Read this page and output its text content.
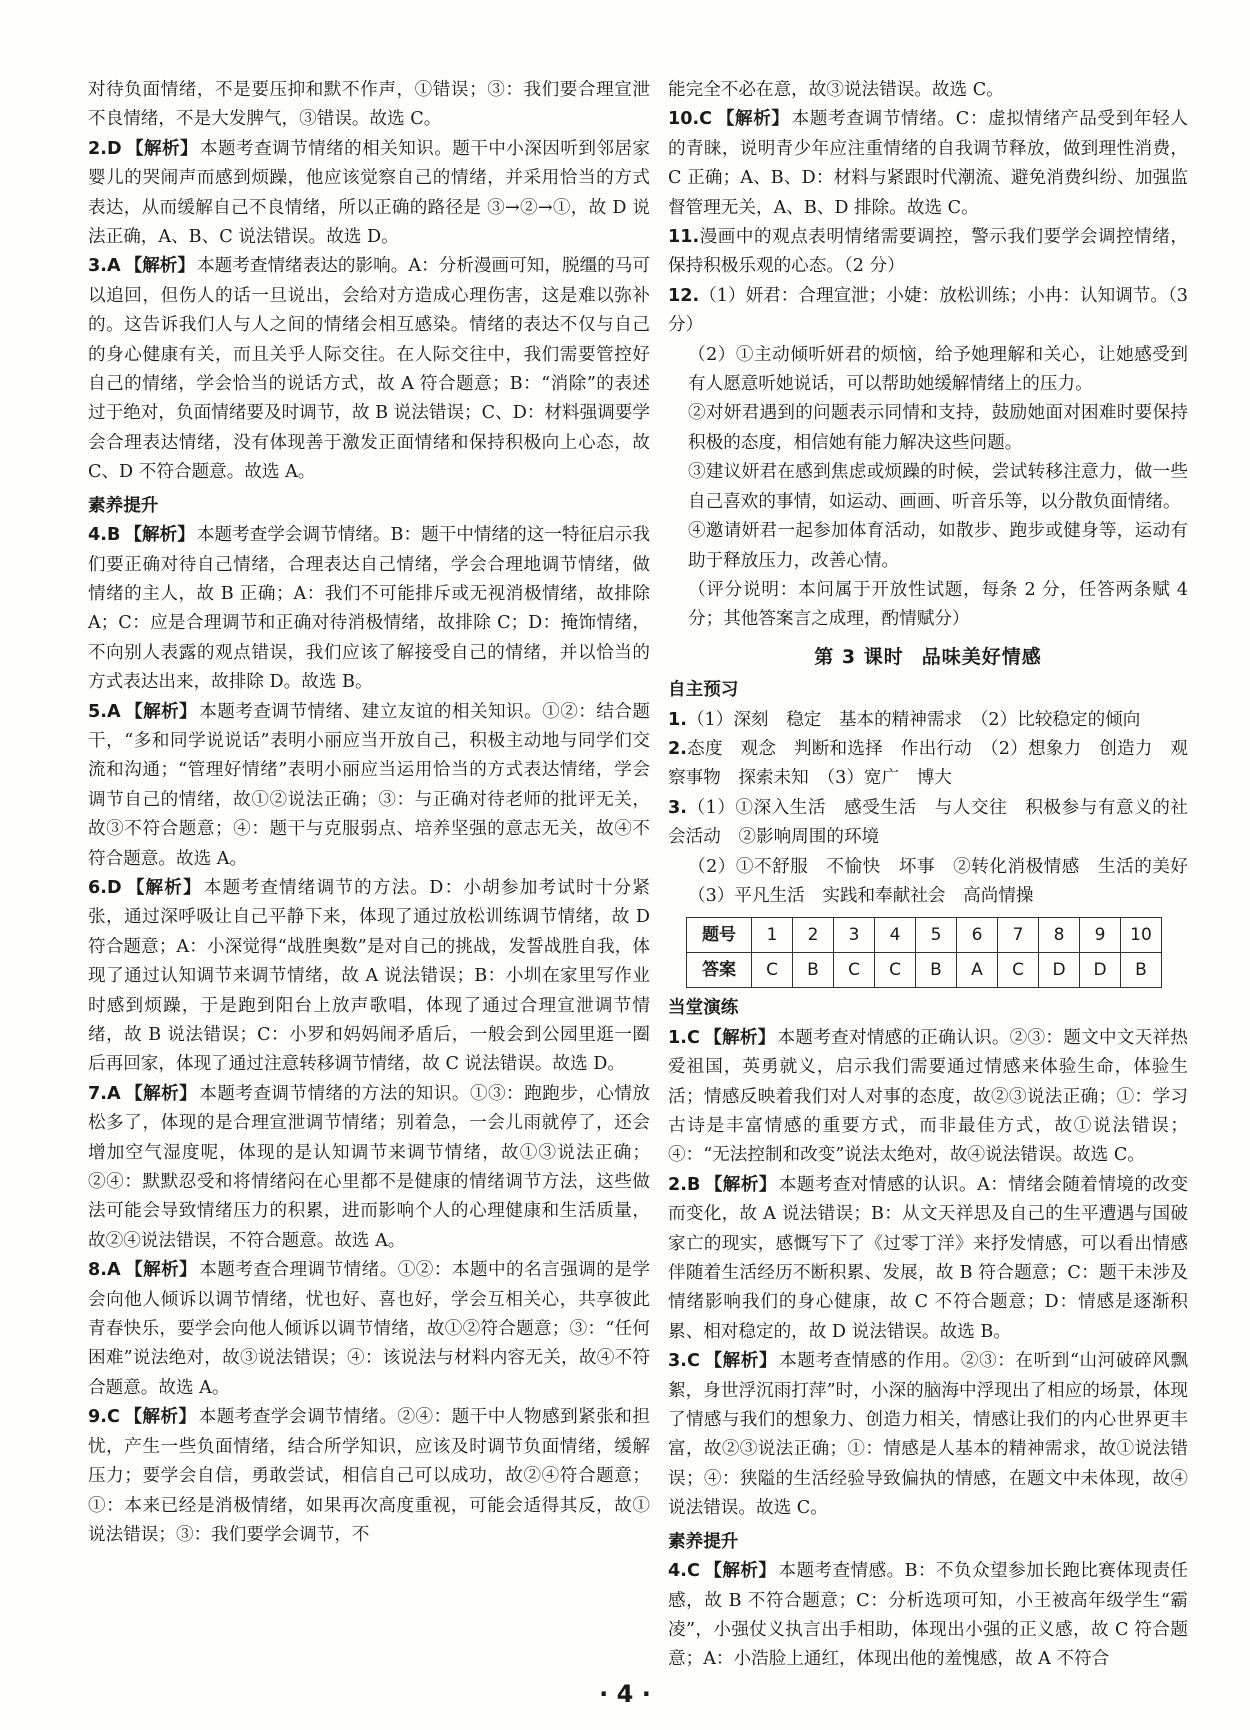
对待负面情绪，不是要压抑和默不作声，①错误；③：我们要合理宣泄不良情绪，不是大发脾气，③错误。故选 C。

2.D 【解析】 本题考查调节情绪的相关知识。题干中小深因听到邻居家婴儿的哭闹声而感到烦躁，他应该觉察自己的情绪，并采用恰当的方式表达，从而缓解自己不良情绪，所以正确的路径是 ③→②→①，故 D 说法正确，A、B、C 说法错误。故选 D。

3.A 【解析】 本题考查情绪表达的影响。A：分析漫画可知，脱缰的马可以追回，但伤人的话一旦说出，会给对方造成心理伤害，这是难以弥补的。这告诉我们人与人之间的情绪会相互感染。情绪的表达不仅与自己的身心健康有关，而且关乎人际交往。在人际交往中，我们需要管控好自己的情绪，学会恰当的说话方式，故 A 符合题意；B：“消除”的表述过于绝对，负面情绪要及时调节，故 B 说法错误；C、D：材料强调要学会合理表达情绪，没有体现善于激发正面情绪和保持积极向上心态，故 C、D 不符合题意。故选 A。

素养提升

4.B 【解析】 本题考查学会调节情绪。B：题干中情绪的这一特征启示我们要正确对待自己情绪，合理表达自己情绪，学会合理地调节情绪，做情绪的主人，故 B 正确；A：我们不可能排斥或无视消极情绪，故排除 A；C：应是合理调节和正确对待消极情绪，故排除 C；D：掩饰情绪，不向别人表露的观点错误，我们应该了解接受自己的情绪，并以恰当的方式表达出来，故排除 D。故选 B。

5.A 【解析】 本题考查调节情绪、建立友谊的相关知识。①②：结合题干，“多和同学说说话”表明小丽应当开放自己，积极主动地与同学们交流和沟通；“管理好情绪”表明小丽应当运用恰当的方式表达情绪，学会调节自己的情绪，故①②说法正确；③：与正确对待老师的批评无关，故③不符合题意；④：题干与克服弱点、培养坚强的意志无关，故④不符合题意。故选 A。

6.D 【解析】 本题考查情绪调节的方法。D：小胡参加考试时十分紧张，通过深呼吸让自己平静下来，体现了通过放松训练调节情绪，故 D 符合题意；A：小深觉得“战胜奥数”是对自己的挑战，发誓战胜自我，体现了通过认知调节来调节情绪，故 A 说法错误；B：小圳在家里写作业时感到烦躁，于是跑到阳台上放声歌唱，体现了通过合理宣泄调节情绪，故 B 说法错误；C：小罗和妈妈闹矛盾后，一般会到公园里逛一圈后再回家，体现了通过注意转移调节情绪，故 C 说法错误。故选 D。

7.A 【解析】 本题考查调节情绪的方法的知识。①③：跑跑步，心情放松多了，体现的是合理宣泄调节情绪；别着急，一会儿雨就停了，还会增加空气湿度呢，体现的是认知调节来调节情绪，故①③说法正确；②④：默默忍受和将情绪闷在心里都不是健康的情绪调节方法，这些做法可能会导致情绪压力的积累，进而影响个人的心理健康和生活质量，故②④说法错误，不符合题意。故选 A。

8.A 【解析】 本题考查合理调节情绪。①②：本题中的名言强调的是学会向他人倾诉以调节情绪，忧也好、喜也好，学会互相关心，共享彼此青春快乐，要学会向他人倾诉以调节情绪，故①②符合题意；③：“任何困难”说法绝对，故③说法错误；④：该说法与材料内容无关，故④不符合题意。故选 A。

9.C 【解析】 本题考查学会调节情绪。②④：题干中人物感到紧张和担忧，产生一些负面情绪，结合所学知识，应该及时调节负面情绪，缓解压力；要学会自信，勇敢尝试，相信自己可以成功，故②④符合题意；①：本来已经是消极情绪，如果再次高度重视，可能会适得其反，故①说法错误；③：我们要学会调节，不

能完全不必在意，故③说法错误。故选 C。

10.C 【解析】 本题考查调节情绪。C：虚拟情绪产品受到年轻人的青睐，说明青少年应注重情绪的自我调节释放，做到理性消费，C 正确；A、B、D：材料与紧跟时代潮流、避免消费纠纷、加强监督管理无关，A、B、D 排除。故选 C。

11.漫画中的观点表明情绪需要调控，警示我们要学会调控情绪，保持积极乐观的心态。（2 分）

12.（1）妍君：合理宣泄；小婕：放松训练；小冉：认知调节。（3 分）

（2）①主动倾听妍君的烦恼，给予她理解和关心，让她感受到有人愿意听她说话，可以帮助她缓解情绪上的压力。

②对妍君遇到的问题表示同情和支持，鼓励她面对困难时要保持积极的态度，相信她有能力解决这些问题。

③建议妍君在感到焦虑或烦躁的时候，尝试转移注意力，做一些自己喜欢的事情，如运动、画画、听音乐等，以分散负面情绪。

④邀请妍君一起参加体育活动，如散步、跑步或健身等，运动有助于释放压力，改善心情。

（评分说明：本问属于开放性试题，每条 2 分，任答两条赋 4 分；其他答案言之成理，酌情赋分）

第 3 课时 品味美好情感

自主预习

1.（1）深刻　稳定　基本的精神需求　（2）比较稳定的倾向

2.态度　观念　判断和选择　作出行动　（2）想象力　创造力　观察事物　探索未知　（3）宽广　博大

3.（1）①深入生活　感受生活　与人交往　积极参与有意义的社会活动　②影响周围的环境

（2）①不舒服　不愉快　坏事　②转化消极情感　生活的美好　（3）平凡生活　实践和奉献社会　高尚情操

题号	1	2	3	4	5	6	7	8	9	10
答案	C	B	C	C	B	A	C	D	D	B

当堂演练

1.C 【解析】 本题考查对情感的正确认识。②③：题文中文天祥热爱祖国，英勇就义，启示我们需要通过情感来体验生命，体验生活；情感反映着我们对人对事的态度，故②③说法正确；①：学习古诗是丰富情感的重要方式，而非最佳方式，故①说法错误；④：“无法控制和改变”说法太绝对，故④说法错误。故选 C。

2.B 【解析】 本题考查对情感的认识。A：情绪会随着情境的改变而变化，故 A 说法错误；B：从文天祥思及自己的生平遭遇与国破家亡的现实，感慨写下了《过零丁洋》来抒发情感，可以看出情感伴随着生活经历不断积累、发展，故 B 符合题意；C：题干未涉及情绪影响我们的身心健康，故 C 不符合题意；D：情感是逐渐积累、相对稳定的，故 D 说法错误。故选 B。

3.C 【解析】 本题考查情感的作用。②③：在听到“山河破碎风飘絮，身世浮沉雨打萍”时，小深的脑海中浮现出了相应的场景，体现了情感与我们的想象力、创造力相关，情感让我们的内心世界更丰富，故②③说法正确；①：情感是人基本的精神需求，故①说法错误；④：狭隘的生活经验导致偏执的情感，在题文中未体现，故④说法错误。故选 C。

素养提升

4.C 【解析】 本题考查情感。B：不负众望参加长跑比赛体现责任感，故 B 不符合题意；C：分析选项可知，小王被高年级学生“霸凌”，小强仗义执言出手相助，体现出小强的正义感，故 C 符合题意；A：小浩脸上通红，体现出他的羞愧感，故 A 不符合

· 4 ·
